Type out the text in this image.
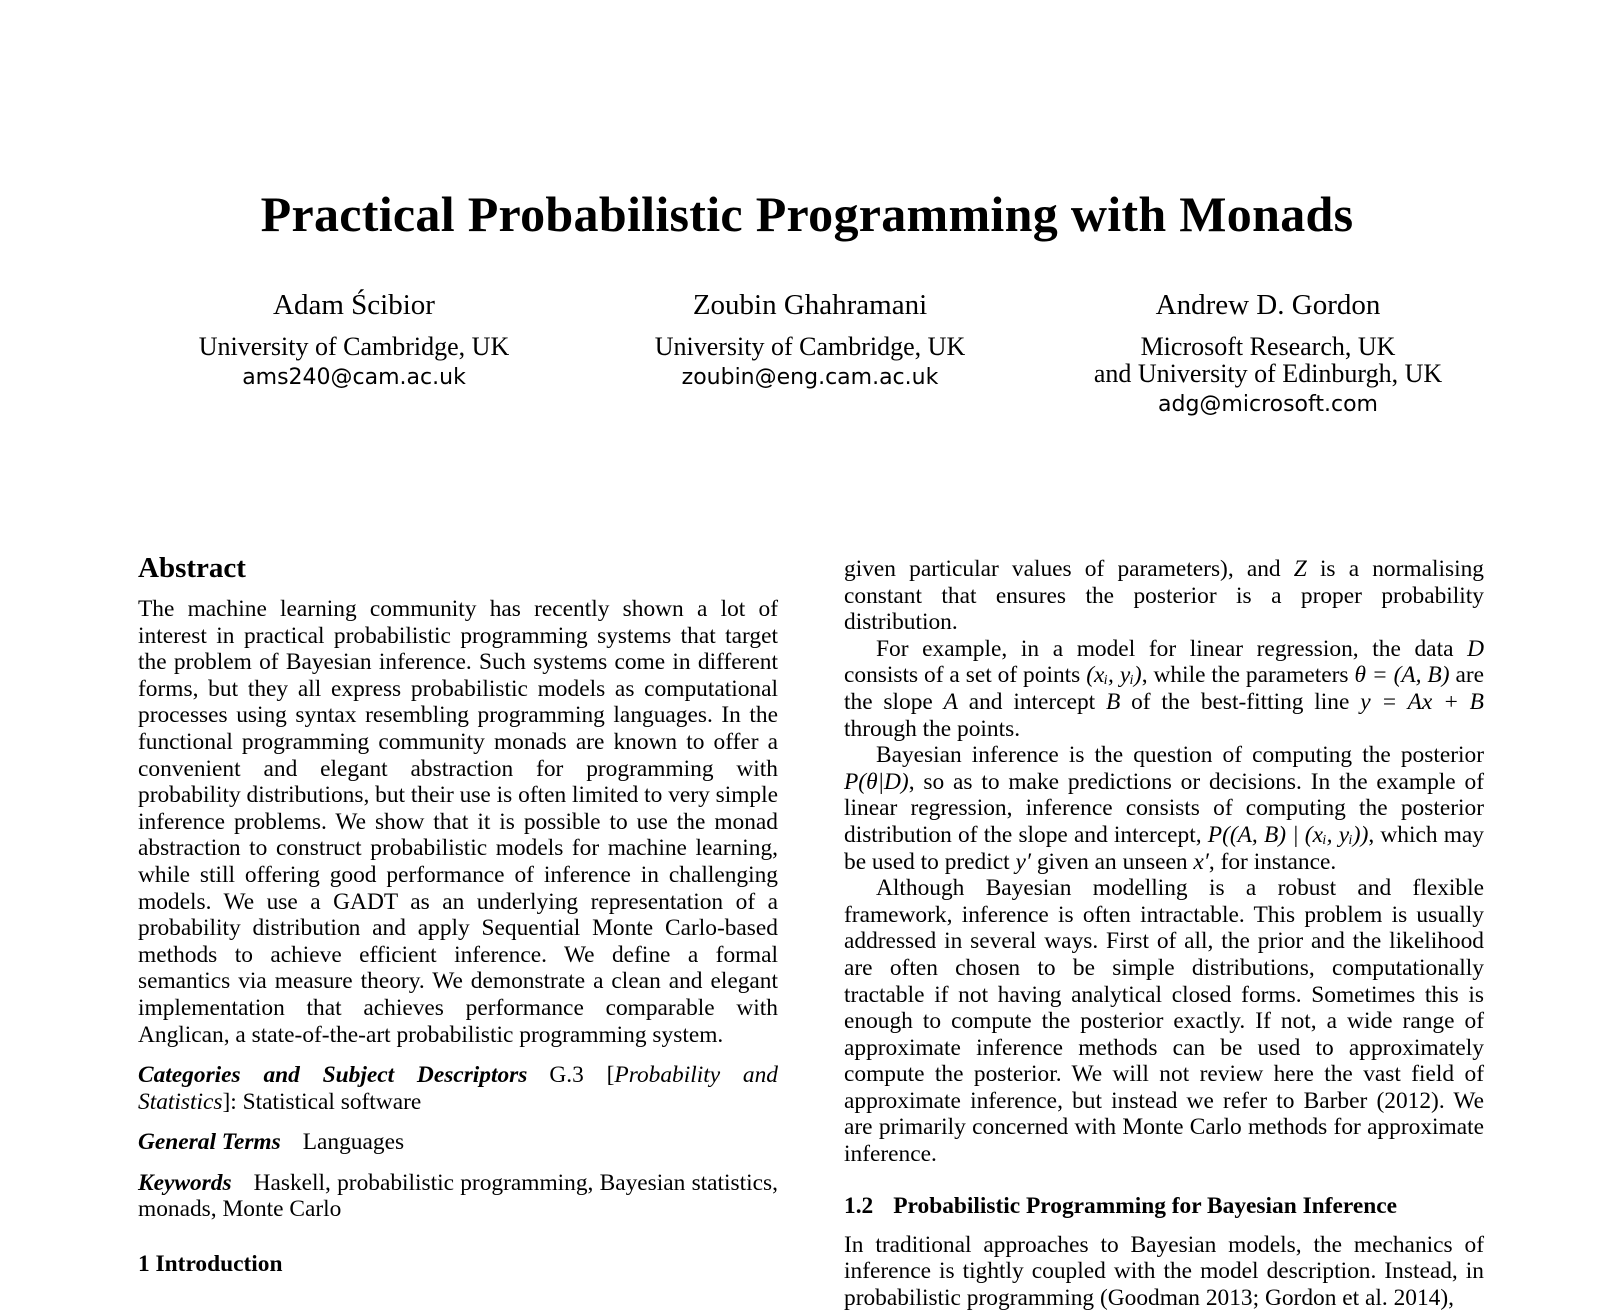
Practical Probabilistic Programming with Monads
Adam Ścibior
University of Cambridge, UK
ams240@cam.ac.uk
Zoubin Ghahramani
University of Cambridge, UK
zoubin@eng.cam.ac.uk
Andrew D. Gordon
Microsoft Research, UK
and University of Edinburgh, UK
adg@microsoft.com
Abstract

The machine learning community has recently shown a lot of interest in practical probabilistic programming systems that target the problem of Bayesian inference. Such systems come in different forms, but they all express probabilistic models as computational processes using syntax resembling programming languages. In the functional programming community monads are known to offer a convenient and elegant abstraction for programming with probability distributions, but their use is often limited to very simple inference problems. We show that it is possible to use the monad abstraction to construct probabilistic models for machine learning, while still offering good performance of inference in challenging models. We use a GADT as an underlying representation of a probability distribution and apply Sequential Monte Carlo-based methods to achieve efficient inference. We define a formal semantics via measure theory. We demonstrate a clean and elegant implementation that achieves performance comparable with Anglican, a state-of-the-art probabilistic programming system.

Categories and Subject Descriptors G.3 [Probability and Statistics]: Statistical software

General Terms Languages

Keywords Haskell, probabilistic programming, Bayesian statistics, monads, Monte Carlo

given particular values of parameters), and Z is a normalising constant that ensures the posterior is a proper probability distribution.

For example, in a model for linear regression, the data D consists of a set of points (xᵢ, yᵢ), while the parameters θ = (A, B) are the slope A and intercept B of the best-fitting line y = Ax + B through the points.

Bayesian inference is the question of computing the posterior P(θ|D), so as to make predictions or decisions. In the example of linear regression, inference consists of computing the posterior distribution of the slope and intercept, P((A, B) | (xᵢ, yᵢ)), which may be used to predict y′ given an unseen x′, for instance.

Although Bayesian modelling is a robust and flexible framework, inference is often intractable. This problem is usually addressed in several ways. First of all, the prior and the likelihood are often chosen to be simple distributions, computationally tractable if not having analytical closed forms. Sometimes this is enough to compute the posterior exactly. If not, a wide range of approximate inference methods can be used to approximately compute the posterior. We will not review here the vast field of approximate inference, but instead we refer to Barber (2012). We are primarily concerned with Monte Carlo methods for approximate inference.

1.2 Probabilistic Programming for Bayesian Inference

In traditional approaches to Bayesian models, the mechanics of inference is tightly coupled with the model description. Instead, in probabilistic programming (Goodman 2013; Gordon et al. 2014),

1 Introduction
